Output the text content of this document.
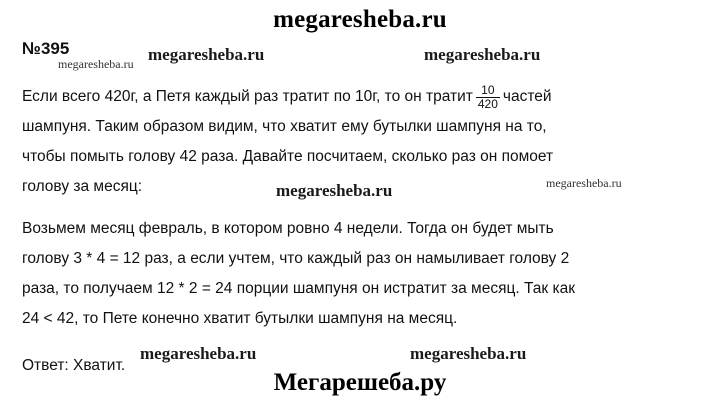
megaresheba.ru
№395

Если всего 420г, а Петя каждый раз тратит по 10г, то он тратит $\frac{10}{420}$ частей

шампуня. Таким образом видим, что хватит ему бутылки шампуня на то,

чтобы помыть голову 42 раза. Давайте посчитаем, сколько раз он помоет

голову за месяц:

Возьмем месяц февраль, в котором ровно 4 недели. Тогда он будет мыть

голову 3 * 4 = 12 раз, а если учтем, что каждый раз он намыливает голову 2

раза, то получаем 12 * 2 = 24 порции шампуня он истратит за месяц. Так как

24 < 42, то Пете конечно хватит бутылки шампуня на месяц.

Ответ: Хватит.
megaresheba.ru	megaresheba.ru
megaresheba.ru
megaresheba.ru	megaresheba.ru
megaresheba.ru	megaresheba.ru
Мегарешеба.ру
